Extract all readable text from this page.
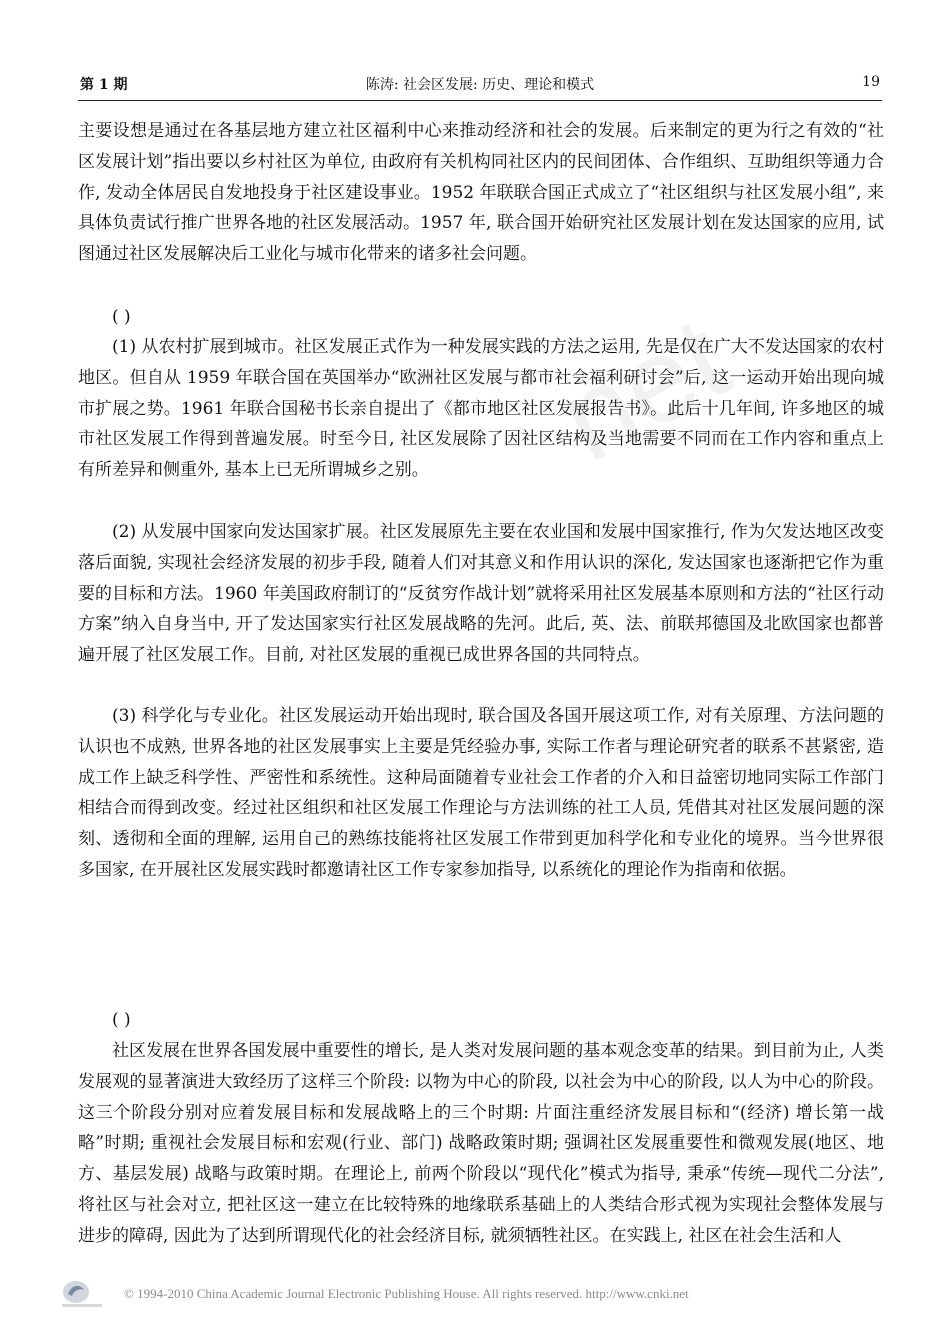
net
第 1 期	陈涛: 社会区发展: 历史、理论和模式	19

主要设想是通过在各基层地方建立社区福利中心来推动经济和社会的发展。后来制定的更为行之有效的“社区发展计划”指出要以乡村社区为单位, 由政府有关机构同社区内的民间团体、合作组织、互助组织等通力合作, 发动全体居民自发地投身于社区建设事业。1952 年联联合国正式成立了“社区组织与社区发展小组”, 来具体负责试行推广世界各地的社区发展活动。1957 年, 联合国开始研究社区发展计划在发达国家的应用, 试图通过社区发展解决后工业化与城市化带来的诸多社会问题。

( )

(1) 从农村扩展到城市。社区发展正式作为一种发展实践的方法之运用, 先是仅在广大不发达国家的农村地区。但自从 1959 年联合国在英国举办“欧洲社区发展与都市社会福利研讨会”后, 这一运动开始出现向城市扩展之势。1961 年联合国秘书长亲自提出了《都市地区社区发展报告书》。此后十几年间, 许多地区的城市社区发展工作得到普遍发展。时至今日, 社区发展除了因社区结构及当地需要不同而在工作内容和重点上有所差异和侧重外, 基本上已无所谓城乡之别。

(2) 从发展中国家向发达国家扩展。社区发展原先主要在农业国和发展中国家推行, 作为欠发达地区改变落后面貌, 实现社会经济发展的初步手段, 随着人们对其意义和作用认识的深化, 发达国家也逐渐把它作为重要的目标和方法。1960 年美国政府制订的“反贫穷作战计划”就将采用社区发展基本原则和方法的“社区行动方案”纳入自身当中, 开了发达国家实行社区发展战略的先河。此后, 英、法、前联邦德国及北欧国家也都普遍开展了社区发展工作。目前, 对社区发展的重视已成世界各国的共同特点。

(3) 科学化与专业化。社区发展运动开始出现时, 联合国及各国开展这项工作, 对有关原理、方法问题的认识也不成熟, 世界各地的社区发展事实上主要是凭经验办事, 实际工作者与理论研究者的联系不甚紧密, 造成工作上缺乏科学性、严密性和系统性。这种局面随着专业社会工作者的介入和日益密切地同实际工作部门相结合而得到改变。经过社区组织和社区发展工作理论与方法训练的社工人员, 凭借其对社区发展问题的深刻、透彻和全面的理解, 运用自己的熟练技能将社区发展工作带到更加科学化和专业化的境界。当今世界很多国家, 在开展社区发展实践时都邀请社区工作专家参加指导, 以系统化的理论作为指南和依据。

( )

社区发展在世界各国发展中重要性的增长, 是人类对发展问题的基本观念变革的结果。到目前为止, 人类发展观的显著演进大致经历了这样三个阶段: 以物为中心的阶段, 以社会为中心的阶段, 以人为中心的阶段。这三个阶段分别对应着发展目标和发展战略上的三个时期: 片面注重经济发展目标和“(经济) 增长第一战略”时期; 重视社会发展目标和宏观(行业、部门) 战略政策时期; 强调社区发展重要性和微观发展(地区、地方、基层发展) 战略与政策时期。在理论上, 前两个阶段以“现代化”模式为指导, 秉承“传统—现代二分法”, 将社区与社会对立, 把社区这一建立在比较特殊的地缘联系基础上的人类结合形式视为实现社会整体发展与进步的障碍, 因此为了达到所谓现代化的社会经济目标, 就须牺牲社区。在实践上, 社区在社会生活和人

© 1994-2010 China Academic Journal Electronic Publishing House. All rights reserved. http://www.cnki.net
